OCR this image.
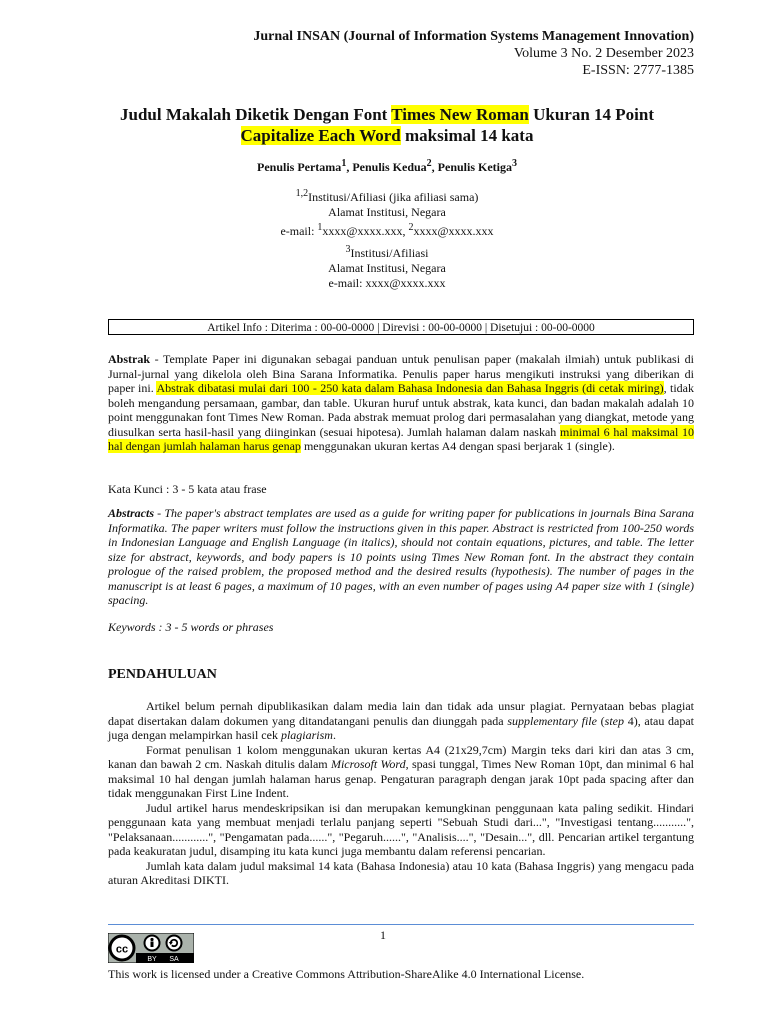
Jurnal INSAN (Journal of Information Systems Management Innovation)
Volume 3 No. 2 Desember 2023
E-ISSN: 2777-1385
Judul Makalah Diketik Dengan Font Times New Roman Ukuran 14 Point
Capitalize Each Word maksimal 14 kata
Penulis Pertama$^1$, Penulis Kedua$^2$, Penulis Ketiga$^3$
$^{1,2}$Institusi/Afiliasi (jika afiliasi sama)
Alamat Institusi, Negara
e-mail: $^1$xxxx@xxxx.xxx, $^2$xxxx@xxxx.xxx
$^3$Institusi/Afiliasi
Alamat Institusi, Negara
e-mail: xxxx@xxxx.xxx
Artikel Info : Diterima : 00-00-0000 | Direvisi : 00-00-0000 | Disetujui : 00-00-0000
Abstrak - Template Paper ini digunakan sebagai panduan untuk penulisan paper (makalah ilmiah) untuk publikasi di Jurnal-jurnal yang dikelola oleh Bina Sarana Informatika. Penulis paper harus mengikuti instruksi yang diberikan di paper ini. Abstrak dibatasi mulai dari 100 - 250 kata dalam Bahasa Indonesia dan Bahasa Inggris (di cetak miring), tidak boleh mengandung persamaan, gambar, dan table. Ukuran huruf untuk abstrak, kata kunci, dan badan makalah adalah 10 point menggunakan font Times New Roman. Pada abstrak memuat prolog dari permasalahan yang diangkat, metode yang diusulkan serta hasil-hasil yang diinginkan (sesuai hipotesa). Jumlah halaman dalam naskah minimal 6 hal maksimal 10 hal dengan jumlah halaman harus genap menggunakan ukuran kertas A4 dengan spasi berjarak 1 (single).
Kata Kunci : 3 - 5 kata atau frase
Abstracts - The paper's abstract templates are used as a guide for writing paper for publications in journals Bina Sarana Informatika. The paper writers must follow the instructions given in this paper. Abstract is restricted from 100-250 words in Indonesian Language and English Language (in italics), should not contain equations, pictures, and table. The letter size for abstract, keywords, and body papers is 10 points using Times New Roman font. In the abstract they contain prologue of the raised problem, the proposed method and the desired results (hypothesis). The number of pages in the manuscript is at least 6 pages, a maximum of 10 pages, with an even number of pages using A4 paper size with 1 (single) spacing.
Keywords : 3 - 5 words or phrases
PENDAHULUAN

Artikel belum pernah dipublikasikan dalam media lain dan tidak ada unsur plagiat. Pernyataan bebas plagiat dapat disertakan dalam dokumen yang ditandatangani penulis dan diunggah pada supplementary file (step 4), atau dapat juga dengan melampirkan hasil cek plagiarism.

Format penulisan 1 kolom menggunakan ukuran kertas A4 (21x29,7cm) Margin teks dari kiri dan atas 3 cm, kanan dan bawah 2 cm. Naskah ditulis dalam Microsoft Word, spasi tunggal, Times New Roman 10pt, dan minimal 6 hal maksimal 10 hal dengan jumlah halaman harus genap. Pengaturan paragraph dengan jarak 10pt pada spacing after dan tidak menggunakan First Line Indent.

Judul artikel harus mendeskripsikan isi dan merupakan kemungkinan penggunaan kata paling sedikit. Hindari penggunaan kata yang membuat menjadi terlalu panjang seperti "Sebuah Studi dari...", "Investigasi tentang...........", "Pelaksanaan............", "Pengamatan pada......", "Pegaruh......", "Analisis....", "Desain...", dll. Pencarian artikel tergantung pada keakuratan judul, disamping itu kata kunci juga membantu dalam referensi pencarian.

Jumlah kata dalam judul maksimal 14 kata (Bahasa Indonesia) atau 10 kata (Bahasa Inggris) yang mengacu pada aturan Akreditasi DIKTI.

1
cc
BY SA
This work is licensed under a Creative Commons Attribution-ShareAlike 4.0 International License.
